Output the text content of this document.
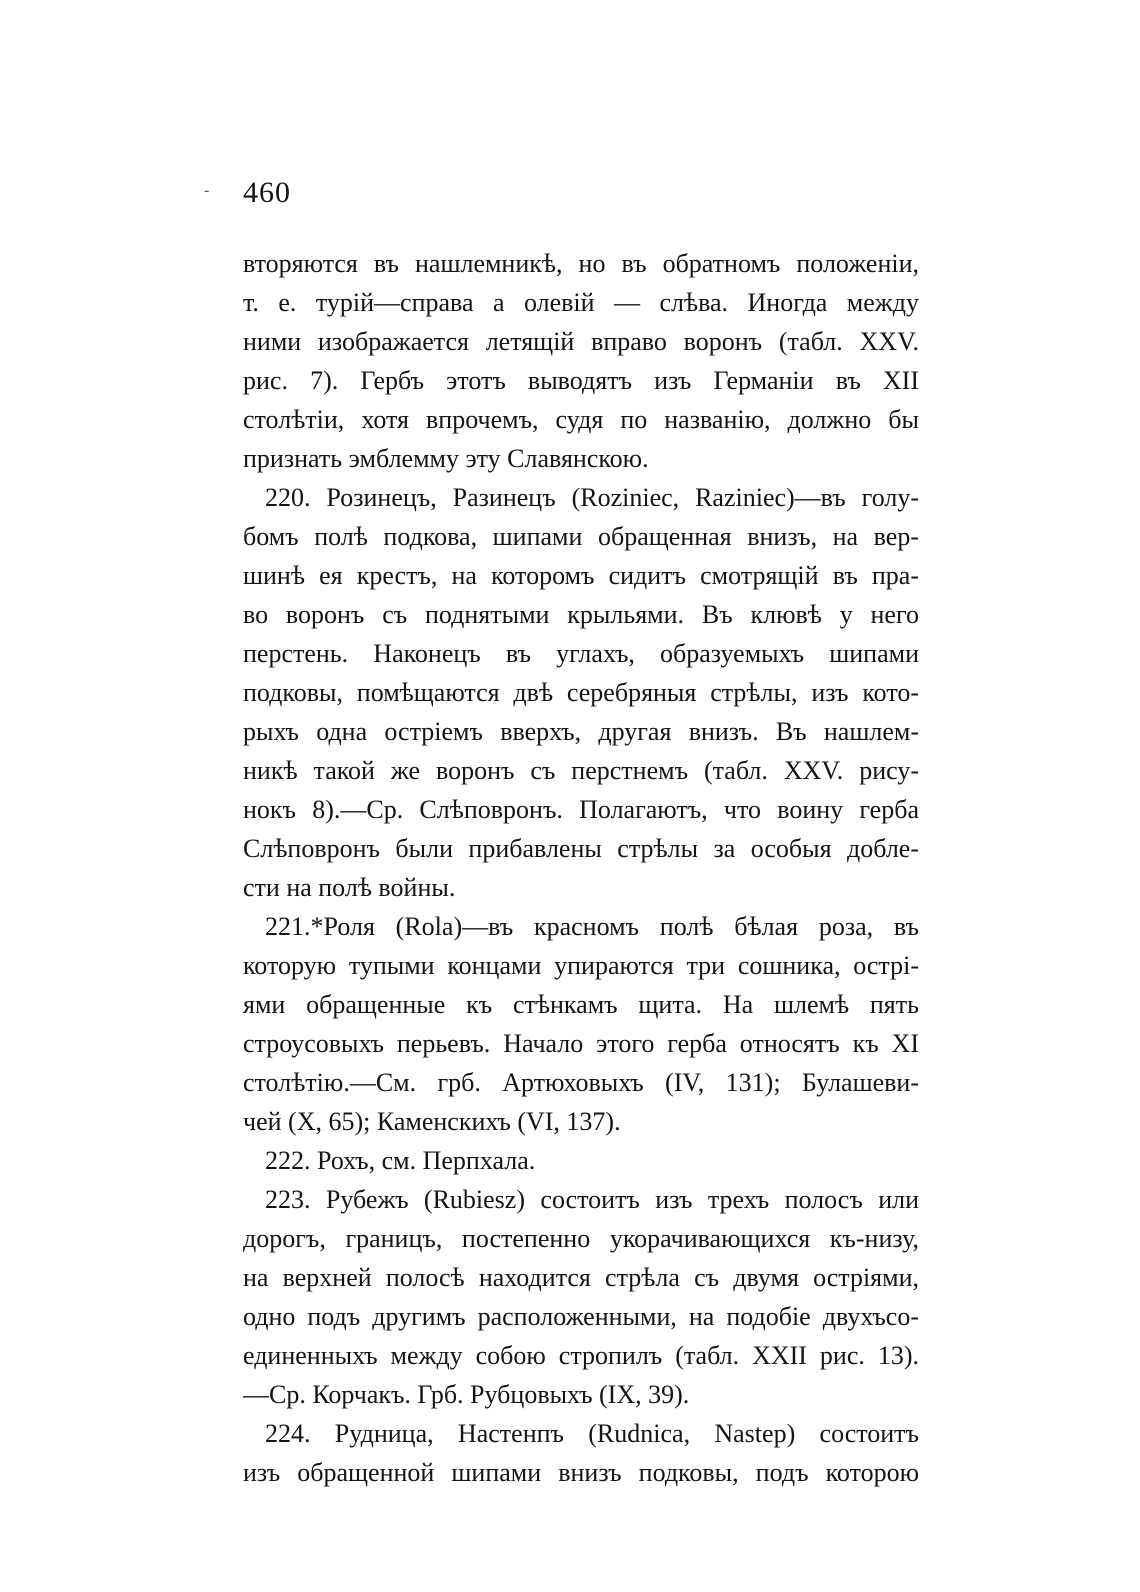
- 460
вторяются въ нашлемникѣ, но въ обратномъ положеніи,
т. е. турій—справа а олевій — слѣва. Иногда между
ними изображается летящій вправо воронъ (табл. XXV.
рис. 7). Гербъ этотъ выводятъ изъ Германіи въ XII
столѣтіи, хотя впрочемъ, судя по названію, должно бы
признать эмблемму эту Славянскою.
220. Розинецъ, Разинецъ (Roziniec, Raziniec)—въ голу-
бомъ полѣ подкова, шипами обращенная внизъ, на вер-
шинѣ ея крестъ, на которомъ сидитъ смотрящій въ пра-
во воронъ съ поднятыми крыльями. Въ клювѣ у него
перстень. Наконецъ въ углахъ, образуемыхъ шипами
подковы, помѣщаются двѣ серебряныя стрѣлы, изъ кото-
рыхъ одна остріемъ вверхъ, другая внизъ. Въ нашлем-
никѣ такой же воронъ съ перстнемъ (табл. XXV. рису-
нокъ 8).—Ср. Слѣповронъ. Полагаютъ, что воину герба
Слѣповронъ были прибавлены стрѣлы за особыя добле-
сти на полѣ войны.
221.*Роля (Rola)—въ красномъ полѣ бѣлая роза, въ
которую тупыми концами упираются три сошника, острі-
ями обращенные къ стѣнкамъ щита. На шлемѣ пять
строусовыхъ перьевъ. Начало этого герба относятъ къ XI
столѣтію.—См. грб. Артюховыхъ (IV, 131); Булашеви-
чей (X, 65); Каменскихъ (VI, 137).
222. Рохъ, см. Перпхала.
223. Рубежъ (Rubiesz) состоитъ изъ трехъ полосъ или
дорогъ, границъ, постепенно укорачивающихся къ-низу,
на верхней полосѣ находится стрѣла съ двумя остріями,
одно подъ другимъ расположенными, на подобіе двухъсо-
единенныхъ между собою стропилъ (табл. XXII рис. 13).
—Ср. Корчакъ. Грб. Рубцовыхъ (IX, 39).
224. Рудница, Настенпъ (Rudnica, Nastep) состоитъ
изъ обращенной шипами внизъ подковы, подъ которою
